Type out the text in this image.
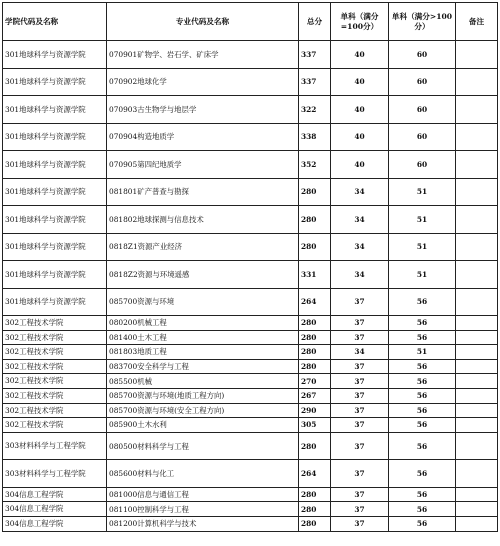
学院代码及名称	专业代码及名称	总分	单科（满分=100分）	单科（满分>100分）	备注
301地球科学与资源学院	070901矿物学、岩石学、矿床学	337	40	60	
301地球科学与资源学院	070902地球化学	337	40	60	
301地球科学与资源学院	070903古生物学与地层学	322	40	60	
301地球科学与资源学院	070904构造地质学	338	40	60	
301地球科学与资源学院	070905第四纪地质学	352	40	60	
301地球科学与资源学院	081801矿产普查与勘探	280	34	51	
301地球科学与资源学院	081802地球探测与信息技术	280	34	51	
301地球科学与资源学院	0818Z1资源产业经济	280	34	51	
301地球科学与资源学院	0818Z2资源与环境遥感	331	34	51	
301地球科学与资源学院	085700资源与环境	264	37	56	
302工程技术学院	080200机械工程	280	37	56	
302工程技术学院	081400土木工程	280	37	56	
302工程技术学院	081803地质工程	280	34	51	
302工程技术学院	083700安全科学与工程	280	37	56	
302工程技术学院	085500机械	270	37	56	
302工程技术学院	085700资源与环境(地质工程方向)	267	37	56	
302工程技术学院	085700资源与环境(安全工程方向)	290	37	56	
302工程技术学院	085900土木水利	305	37	56	
303材料科学与工程学院	080500材料科学与工程	280	37	56	
303材料科学与工程学院	085600材料与化工	264	37	56	
304信息工程学院	081000信息与通信工程	280	37	56	
304信息工程学院	081100控制科学与工程	280	37	56	
304信息工程学院	081200计算机科学与技术	280	37	56	
